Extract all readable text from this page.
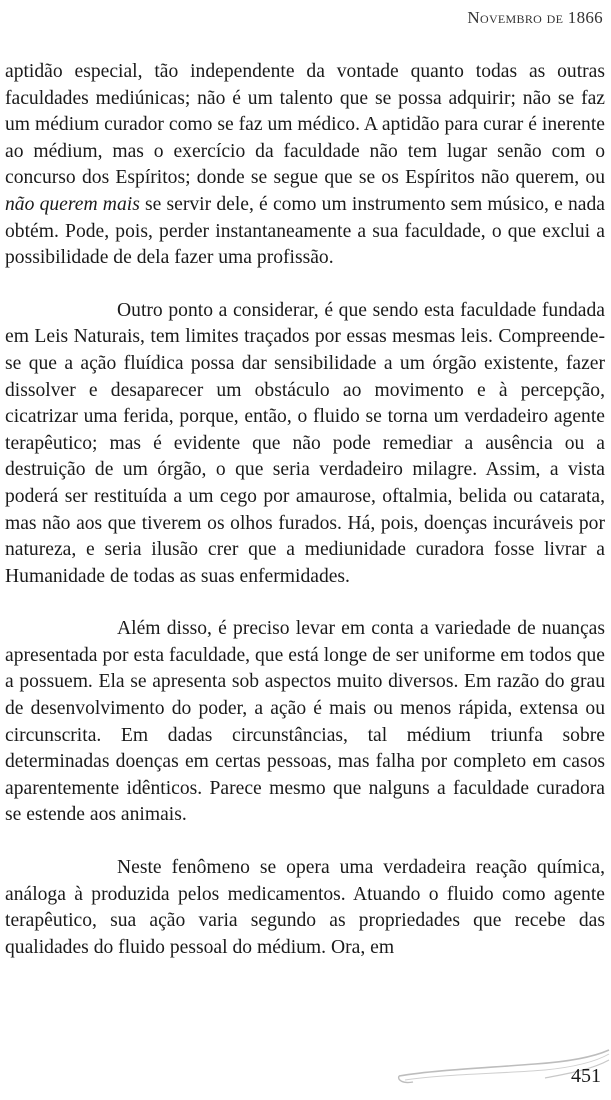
Novembro de 1866

aptidão especial, tão independente da vontade quanto todas as outras faculdades mediúnicas; não é um talento que se possa adquirir; não se faz um médium curador como se faz um médico. A aptidão para curar é inerente ao médium, mas o exercício da faculdade não tem lugar senão com o concurso dos Espíritos; donde se segue que se os Espíritos não querem, ou não querem mais se servir dele, é como um instrumento sem músico, e nada obtém. Pode, pois, perder instantaneamente a sua faculdade, o que exclui a possibilidade de dela fazer uma profissão.

Outro ponto a considerar, é que sendo esta faculdade fundada em Leis Naturais, tem limites traçados por essas mesmas leis. Compreende-se que a ação fluídica possa dar sensibilidade a um órgão existente, fazer dissolver e desaparecer um obstáculo ao movimento e à percepção, cicatrizar uma ferida, porque, então, o fluido se torna um verdadeiro agente terapêutico; mas é evidente que não pode remediar a ausência ou a destruição de um órgão, o que seria verdadeiro milagre. Assim, a vista poderá ser restituída a um cego por amaurose, oftalmia, belida ou catarata, mas não aos que tiverem os olhos furados. Há, pois, doenças incuráveis por natureza, e seria ilusão crer que a mediunidade curadora fosse livrar a Humanidade de todas as suas enfermidades.

Além disso, é preciso levar em conta a variedade de nuanças apresentada por esta faculdade, que está longe de ser uniforme em todos que a possuem. Ela se apresenta sob aspectos muito diversos. Em razão do grau de desenvolvimento do poder, a ação é mais ou menos rápida, extensa ou circunscrita. Em dadas circunstâncias, tal médium triunfa sobre determinadas doenças em certas pessoas, mas falha por completo em casos aparentemente idênticos. Parece mesmo que nalguns a faculdade curadora se estende aos animais.

Neste fenômeno se opera uma verdadeira reação química, análoga à produzida pelos medicamentos. Atuando o fluido como agente terapêutico, sua ação varia segundo as propriedades que recebe das qualidades do fluido pessoal do médium. Ora, em

451
